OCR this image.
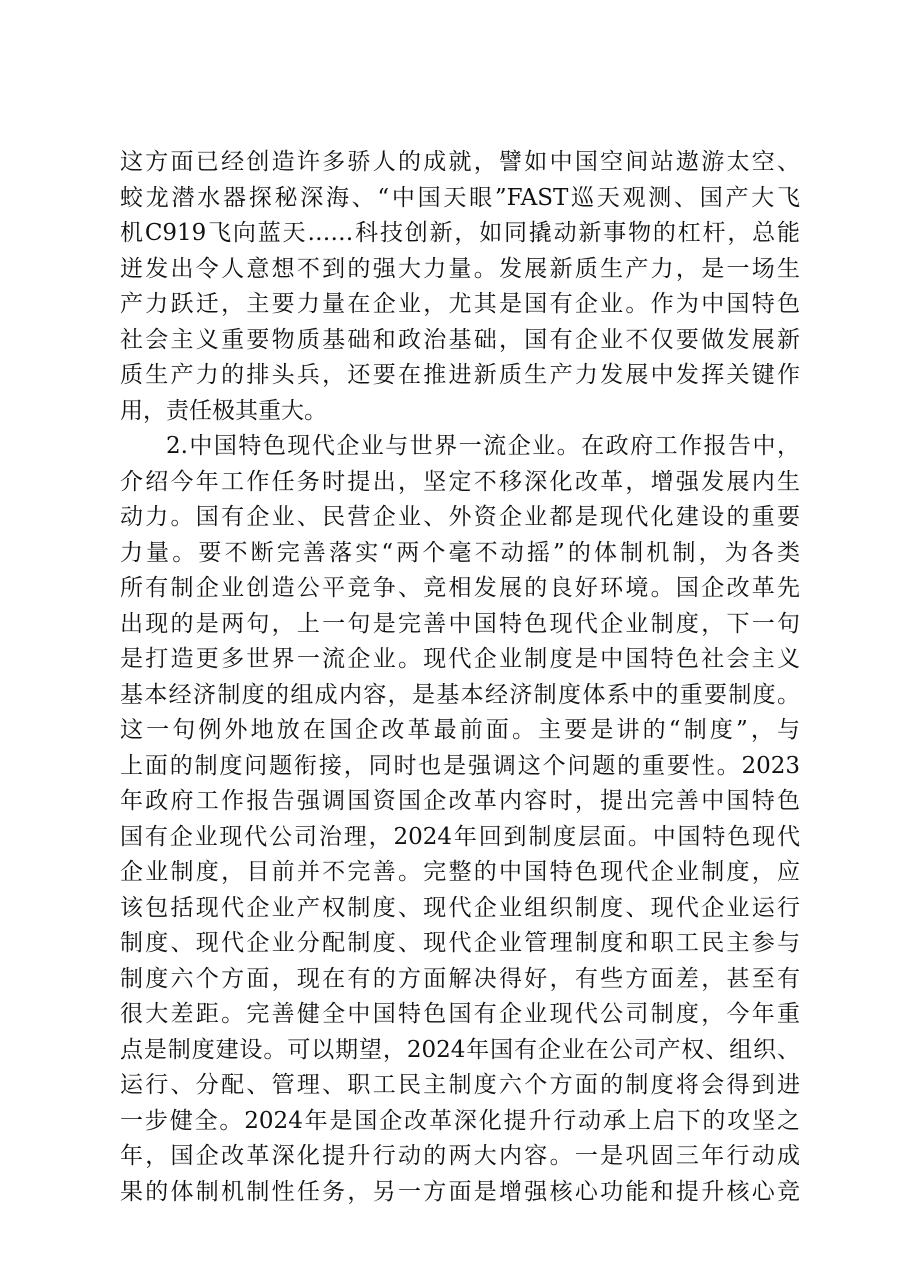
这方面已经创造许多骄人的成就，譬如中国空间站遨游太空、
蛟龙潜水器探秘深海、“中国天眼”FAST巡天观测、国产大飞
机C919飞向蓝天……科技创新，如同撬动新事物的杠杆，总能
迸发出令人意想不到的强大力量。发展新质生产力，是一场生
产力跃迁，主要力量在企业，尤其是国有企业。作为中国特色
社会主义重要物质基础和政治基础，国有企业不仅要做发展新
质生产力的排头兵，还要在推进新质生产力发展中发挥关键作
用，责任极其重大。
2.中国特色现代企业与世界一流企业。在政府工作报告中，
介绍今年工作任务时提出，坚定不移深化改革，增强发展内生
动力。国有企业、民营企业、外资企业都是现代化建设的重要
力量。要不断完善落实“两个毫不动摇”的体制机制，为各类
所有制企业创造公平竞争、竞相发展的良好环境。国企改革先
出现的是两句，上一句是完善中国特色现代企业制度，下一句
是打造更多世界一流企业。现代企业制度是中国特色社会主义
基本经济制度的组成内容，是基本经济制度体系中的重要制度。
这一句例外地放在国企改革最前面。主要是讲的“制度”，与
上面的制度问题衔接，同时也是强调这个问题的重要性。2023
年政府工作报告强调国资国企改革内容时，提出完善中国特色
国有企业现代公司治理，2024年回到制度层面。中国特色现代
企业制度，目前并不完善。完整的中国特色现代企业制度，应
该包括现代企业产权制度、现代企业组织制度、现代企业运行
制度、现代企业分配制度、现代企业管理制度和职工民主参与
制度六个方面，现在有的方面解决得好，有些方面差，甚至有
很大差距。完善健全中国特色国有企业现代公司制度，今年重
点是制度建设。可以期望，2024年国有企业在公司产权、组织、
运行、分配、管理、职工民主制度六个方面的制度将会得到进
一步健全。2024年是国企改革深化提升行动承上启下的攻坚之
年，国企改革深化提升行动的两大内容。一是巩固三年行动成
果的体制机制性任务，另一方面是增强核心功能和提升核心竞
